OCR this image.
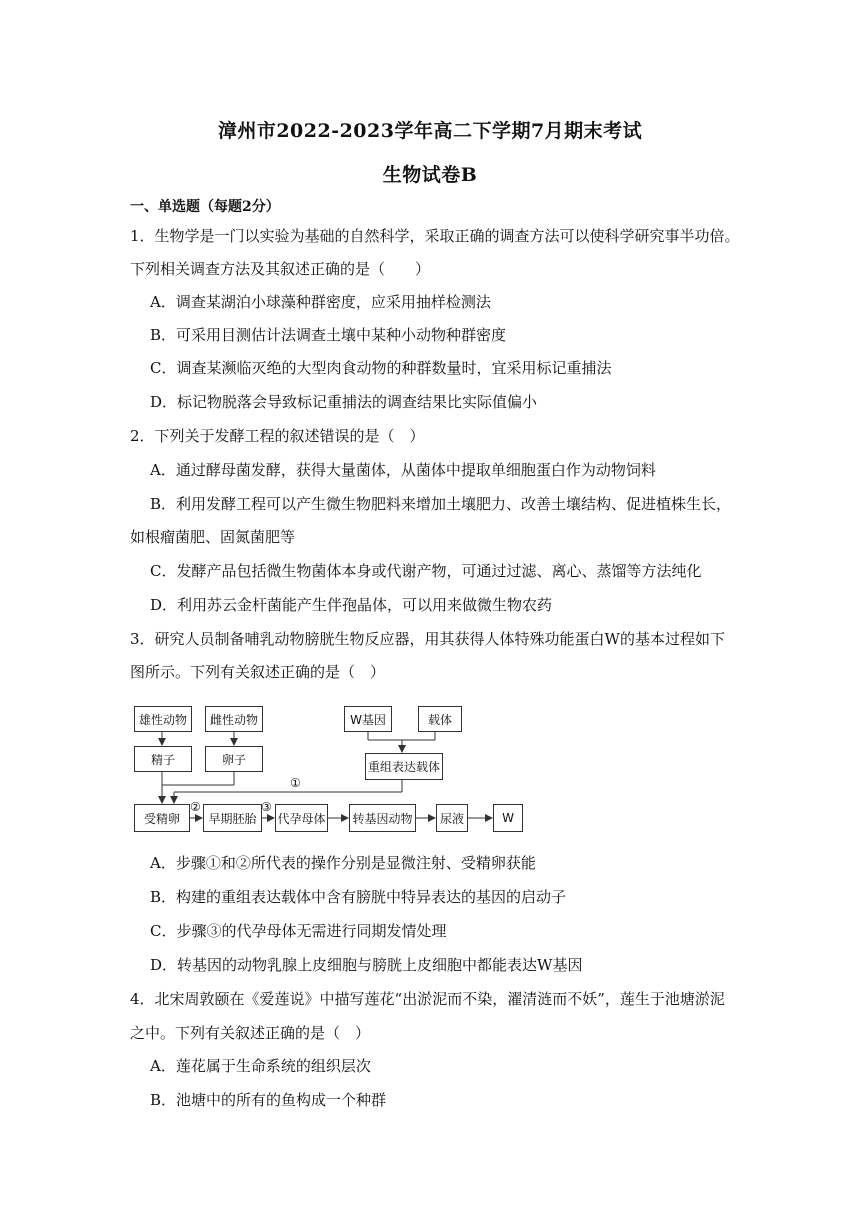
漳州市2022-2023学年高二下学期7月期末考试
生物试卷B
一、单选题（每题2分）
1．生物学是一门以实验为基础的自然科学，采取正确的调查方法可以使科学研究事半功倍。
下列相关调查方法及其叙述正确的是（　　）
A．调查某湖泊小球藻种群密度，应采用抽样检测法
B．可采用目测估计法调查土壤中某种小动物种群密度
C．调查某濒临灭绝的大型肉食动物的种群数量时，宜采用标记重捕法
D．标记物脱落会导致标记重捕法的调查结果比实际值偏小
2．下列关于发酵工程的叙述错误的是（　）
A．通过酵母菌发酵，获得大量菌体，从菌体中提取单细胞蛋白作为动物饲料
B．利用发酵工程可以产生微生物肥料来增加土壤肥力、改善土壤结构、促进植株生长，
如根瘤菌肥、固氮菌肥等
C．发酵产品包括微生物菌体本身或代谢产物，可通过过滤、离心、蒸馏等方法纯化
D．利用苏云金杆菌能产生伴孢晶体，可以用来做微生物农药
3．研究人员制备哺乳动物膀胱生物反应器，用其获得人体特殊功能蛋白W的基本过程如下
图所示。下列有关叙述正确的是（　）
雄性动物	雌性动物
精子	卵子
W基因	载体
重组表达载体
受精卵	早期胚胎	代孕母体 转基因动物	尿液	W
①
②	③
A．步骤①和②所代表的操作分别是显微注射、受精卵获能
B．构建的重组表达载体中含有膀胱中特异表达的基因的启动子
C．步骤③的代孕母体无需进行同期发情处理
D．转基因的动物乳腺上皮细胞与膀胱上皮细胞中都能表达W基因
4．北宋周敦颐在《爱莲说》中描写莲花“出淤泥而不染，濯清涟而不妖”，莲生于池塘淤泥
之中。下列有关叙述正确的是（　）
A．莲花属于生命系统的组织层次
B．池塘中的所有的鱼构成一个种群
